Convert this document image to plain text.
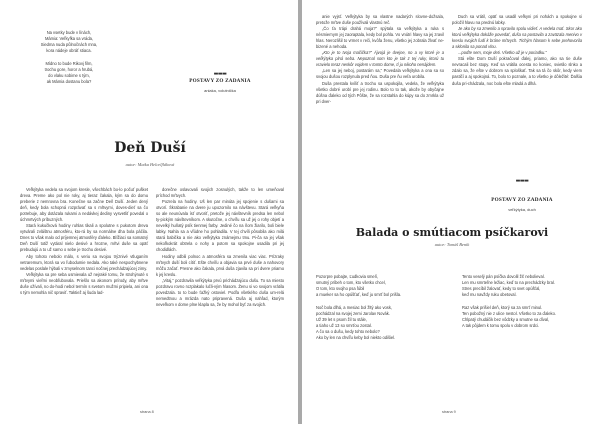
Na vsetky bude v línách,

Mámia: Veľkyfka sa vráda,

Siedma nuda půlnočnách mna,

kora nádeje obráť stiaca.

Mídno to bude Rikovj film,

trochu gore, horor a hrubá,

do vlaku sobime s tým,

ak Mámia dostanu bola?

▬▬▬
POSTAVY ZO ZADANIA
aniaka, volutnička
Deň Duší
autor: Matka Helcelfláková

Veľkýtyka vedela sa svojom kresle, všechbách bo-lo počuť pušket dreva. Preme ako pol nie roky, aj tieraz čakala, kým sa do domu preberie z nemrovna bra. Konečne sa začne Deň Duší. Jeden dený deň, kedy bola schopná rozprávať sa s mŕtvymi, doves-dieť sa čo potrebuje, aby dotázala rukami a nedávkej dediny vysvetliť povedal o úchmrtvých príbuzných.

Stará kukučková hodiny ruhlas tikali a spolutne s pukotom dreva vytvárali zvláštnu atmosféru, kto-rá by sa normálne dha bola páčila. Dnes to však malo od príjemnej atmosféry ďaleko. Blížiaci sa somatný Deň Duší totiž vytáral nielo desivé a hrozne, mŕtvi duše sa opäť prebudujú a to už samo o sebe je trochu desivé.

Aby tohoto nebolo málo, s veriu sa svojou trýznivé vtluganím vetraremum, ktorá sa vo ľubodumie nedala. Ako také nespochybnene vedelas poslale hýbali v zmyselnom tanci nočnej prechádzajúcej zimy.

Veľkýtyka sa pre seba usmievala už nejraké tomu, že strohýnuté s mŕtvymi vieľmi neobľubovala. Priešlo sa akonom prírody, aby mŕtve duše ožívali, no do-hodi nebol termín s svetom mužmi pripiela, ani ona s tým nemohla nič spraviť. Taktiež aj šuda lad-

dorečne oslavovali svojich zosnulých, takže to len umeňoval príchod mŕtvych.

Pozrela na hodiny. Uš len par minúta jej spojenie s dušami sa otvorí. Škrabanie na dvere ju upozornilo na návštevu. Stará veľkyňa so ale neunúvala ísť otvoriť, pretože jej návštevník predsa len nebol ty-pickým návštevníkom. A skutočne, o chvíľu sa už jej o rohy objetí a nevelký huňatý psík tienmej farby. Jediné čo na ňom žiarilo, boli biele labky. Nahla sa a vľúdne ho pohladila. V tej chvíli pôsobila ako milá stará babička a nie ako veľkýtyka známejmu tmu. Pi-ča sa jej však nekoľkokrát obtrela o nohy a potom sa spokojne usadila pri jej chodidlách.

Hodiny odbili polnoc a atmosféra sa zmenila viac viac. Prízraky mŕtvych duší boli cítiť. Ešte chvíľu a objavia sa prvé duše a nahovory môžu začať. Presne ako čakala, prvá duša zjavila sa pri dvere priamo k jej kreslu.

„Vitaj,“ pozdravila veľkýtyka prvú prichádzajúcu dušu. To sa miesto pozdravu rovno rozplakalo lučli-vým hlasom. Ženu si vo svojom vrátila povedzala. to to bude ťažký ostoviel. Podľa všetkého duša um-relá nemedtnou a mrázda nato pripravená. Duša aj nahľad, ktorým neveľkom v dome plne klapla sa, že by mohol byť za svojich.

strana 8

anie vyjsť. Veľkýtyka by sa vlastne nadarých slovne-dožsala, pretože mŕtve duše používali vlastnú reč.

„Čo ťa trápi drahá moja?“ spýtala sa veľkýtyka a ruka s nésmiernym jej zaoraptala, kedy bol pohla. Vo vnútri hlavy sa jej zravil hlas. Nerozlišil to vrmet v reči, kvôľa ženu, všetko jej zobrala žlvať ne-bizené a nehoda.

„Kto je to tvoja mačička?“ Ájvojá je dvejne, no a vy ktoré je a veľkýtyka plná seba. Nepoznal som kto je tak z tej ruky, ktorú tu vravielo teraz neskôr vojdem v tomto dome, tí ju nikoho nenájdem.

„Len sa jej neboj, postarám sa,“ Povedala veľkýtyka a ona sa so svojou dušou rozplynula pred ňou. Duša pre ňu veľa urobila.

Duša prestala kvíliť a trochu sa uspokojila, vedela, že veľkýtyka všetko dobré urobí pre jej rodinu. Bolo to to tak, akože by obyčajne dúšna ďaleko od tých Pôšte, že sa rozstahla do kúpy sa do zmrkla už pri dver-

Duch sa vrátil, opäť sa usadil veľkyni pri nohách a spokojne si položil hlavu na prednú labky.

Je ako by sa zmenilo a spravilo spolu vidieť. A vedela mať. Skor ako ktorú veľkýtyka dokáže povedať, duša sa postavila a zaväzala menivo v kreslu svojich ľudí k bráne mŕtvych. Tichým hlasom k sebe prehovorila a sklonila sa ponad vlnu.

...poďte sem, moje deti. Všetko už je v poriadku.“

Stá ešte Dom Duší pokračoval ďalej, priamo, ako sa tie duše nevracali bez stopy. Keď sa vrátila ocesta no koniec, svietilo slnko a zdalo sa, že ešte v dobrom sa sploškať. Tak sa tá čo skôr, kedy viem pastičí a aj spokojná. To, bolo to poznale, a to všetko je dôležité: Ďalšia duša pri-chádzala, noc bola ešte mladá a dlhá.

▬▬▬
POSTAVY ZO ZADANIA
veľkýtyka, duch
Balada o smútiacom psíčkarovi
autor: Tomáš Benik

Pozorpre pobajte, Ľudkovia smelí,

smutný príbeh o tom, kto všetko chcel,

O tom, kto svojho psa ľúbil

a mueker sa ho opúšťať, keď ju smrť bol prišla.

Noč bola dlhá, a mesiac bol žltý ako vosk,

pochádzal na svojej zemi Jarolav Novák.

Už 39 let s psom žil tu stále,

a tiaho už 13 so smrťou zostal.

A čo sa o dušu, kedy tohto nebolo?

Ako by len na chvíľu keby bol niekto odišiel.

Tento veselý pán psíčka dovolil žiť nebolieval.

Len mu smrteľne ležiac, keď to na prechádzky bral.

Stres precíbil žalovať, kedy to svet opúšťal,

keď mu navždy ruku obetoval.

Raz však prišiel deň, ktorý sa za smrť minul.

Ten pobožný nie z ulice nestol. Všetko to za ďaleko.

Chlpatý chudáčik bez vôdzky a smutne sa díval,

A tak pôjdem k tomu spolu v dobrom srdci.

strana 9
